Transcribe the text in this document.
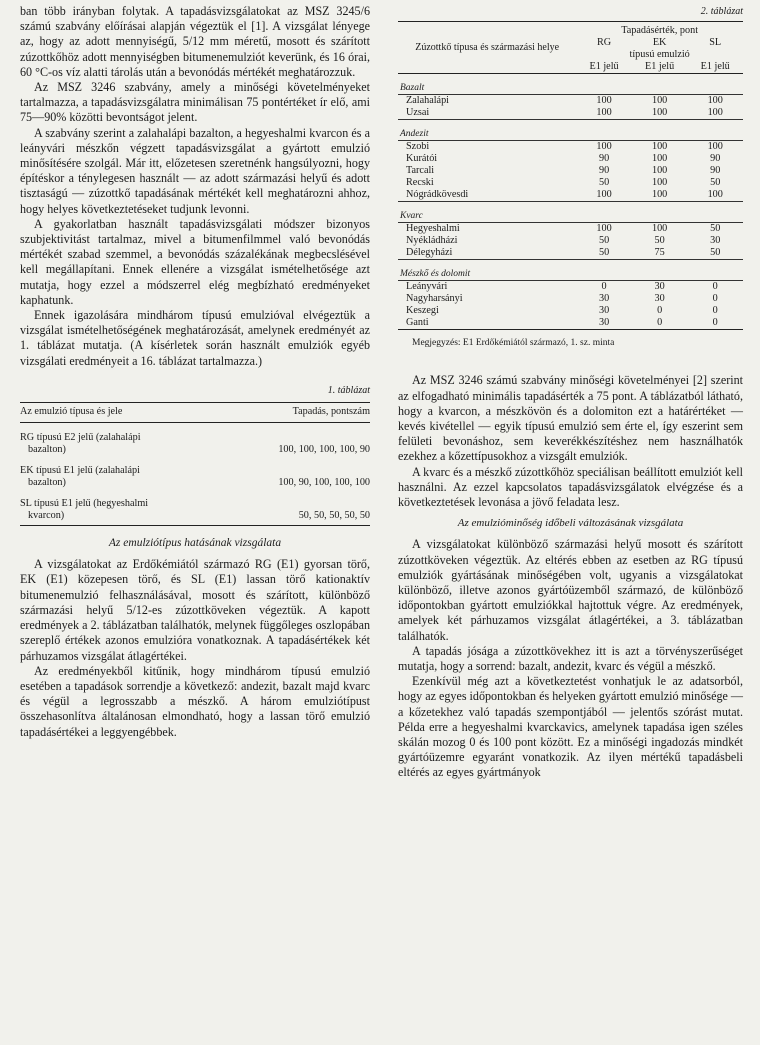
ban több irányban folytak. A tapadásvizsgálatokat az MSZ 3245/6 számú szabvány előírásai alapján végeztük el [1]. A vizsgálat lényege az, hogy az adott mennyiségű, 5/12 mm méretű, mosott és szárított zúzottkőhöz adott mennyiségben bitumenemulziót keverünk, és 16 órai, 60 °C-os víz alatti tárolás után a bevonódás mértékét meghatározzuk.

Az MSZ 3246 szabvány, amely a minőségi követelményeket tartalmazza, a tapadásvizsgálatra minimálisan 75 pontértéket ír elő, ami 75—90% közötti bevontságot jelent.

A szabvány szerint a zalahalápi bazalton, a hegyeshalmi kvarcon és a leányvári mészkőn végzett tapadásvizsgálat a gyártott emulzió minősítésére szolgál. Már itt, előzetesen szeretnénk hangsúlyozni, hogy építéskor a ténylegesen használt — az adott származási helyű és adott tisztaságú — zúzottkő tapadásának mértékét kell meghatározni ahhoz, hogy helyes következtetéseket tudjunk levonni.

A gyakorlatban használt tapadásvizsgálati módszer bizonyos szubjektivitást tartalmaz, mivel a bitumenfilmmel való bevonódás mértékét szabad szemmel, a bevonódás százalékának megbecslésével kell megállapítani. Ennek ellenére a vizsgálat ismételhetősége azt mutatja, hogy ezzel a módszerrel elég megbízható eredményeket kaphatunk.

Ennek igazolására mindhárom típusú emulzióval elvégeztük a vizsgálat ismételhetőségének meghatározását, amelynek eredményét az 1. táblázat mutatja. (A kísérletek során használt emulziók egyéb vizsgálati eredményeit a 16. táblázat tartalmazza.)

1. táblázat

Az emulzió típusa és jele	Tapadás, pontszám

RG típusú E2 jelű (zalahalápi	
bazalton)	100, 100, 100, 100, 90

EK típusú E1 jelű (zalahalápi	
bazalton)	100, 90, 100, 100, 100

SL típusú E1 jelű (hegyeshalmi	
kvarcon)	50, 50, 50, 50, 50

Az emulziótípus hatásának vizsgálata

A vizsgálatokat az Erdőkémiától származó RG (E1) gyorsan törő, EK (E1) közepesen törő, és SL (E1) lassan törő kationaktív bitumenemulzió felhasználásával, mosott és szárított, különböző származási helyű 5/12-es zúzottköveken végeztük. A kapott eredmények a 2. táblázatban találhatók, melynek függőleges oszlopában szereplő értékek azonos emulzióra vonatkoznak. A tapadásértékek két párhuzamos vizsgálat átlagértékei.

Az eredményekből kitűnik, hogy mindhárom típusú emulzió esetében a tapadások sorrendje a következő: andezit, bazalt majd kvarc és végül a legrosszabb a mészkő. A három emulziótípust összehasonlítva általánosan elmondható, hogy a lassan törő emulzió tapadásértékei a leggyengébbek.

2. táblázat

Zúzottkő típusa és származási helye	Tapadásérték, pont		
	RG	EK	SL
	típusú emulzió		
	E1 jelű	E1 jelű	E1 jelű
Bazalt			
Zalahalápi	100	100	100
Uzsai	100	100	100
Andezit			
Szobi	100	100	100
Kurátói	90	100	90
Tarcali	90	100	90
Recski	50	100	50
Nógrádkövesdi	100	100	100
Kvarc			
Hegyeshalmi	100	100	50
Nyékládházi	50	50	30
Délegyházi	50	75	50
Mészkő és dolomit			
Leányvári	0	30	0
Nagyharsányi	30	30	0
Keszegi	30	0	0
Ganti	30	0	0

Megjegyzés: E1 Erdőkémiától származó, 1. sz. minta

Az MSZ 3246 számú szabvány minőségi követelményei [2] szerint az elfogadható minimális tapadásérték a 75 pont. A táblázatból látható, hogy a kvarcon, a mészkövön és a dolomiton ezt a határértéket — kevés kivétellel — egyik típusú emulzió sem érte el, így eszerint sem felületi bevonáshoz, sem keverékkészítéshez nem használhatók ezekhez a kőzettípusokhoz a vizsgált emulziók.

A kvarc és a mészkő zúzottkőhöz speciálisan beállított emulziót kell használni. Az ezzel kapcsolatos tapadásvizsgálatok elvégzése és a következtetések levonása a jövő feladata lesz.

Az emulzióminőség időbeli változásának vizsgálata

A vizsgálatokat különböző származási helyű mosott és szárított zúzottköveken végeztük. Az eltérés ebben az esetben az RG típusú emulziók gyártásának minőségében volt, ugyanis a vizsgálatokat különböző, illetve azonos gyártóüzemből származó, de különböző időpontokban gyártott emulziókkal hajtottuk végre. Az eredmények, amelyek két párhuzamos vizsgálat átlagértékei, a 3. táblázatban találhatók.

A tapadás jósága a zúzottkövekhez itt is azt a törvényszerűséget mutatja, hogy a sorrend: bazalt, andezit, kvarc és végül a mészkő.

Ezenkívül még azt a következtetést vonhatjuk le az adatsorból, hogy az egyes időpontokban és helyeken gyártott emulzió minősége — a kőzetekhez való tapadás szempontjából — jelentős szórást mutat. Példa erre a hegyeshalmi kvarckavics, amelynek tapadása igen széles skálán mozog 0 és 100 pont között. Ez a minőségi ingadozás mindkét gyártóüzemre egyaránt vonatkozik. Az ilyen mértékű tapadásbeli eltérés az egyes gyártmányok
